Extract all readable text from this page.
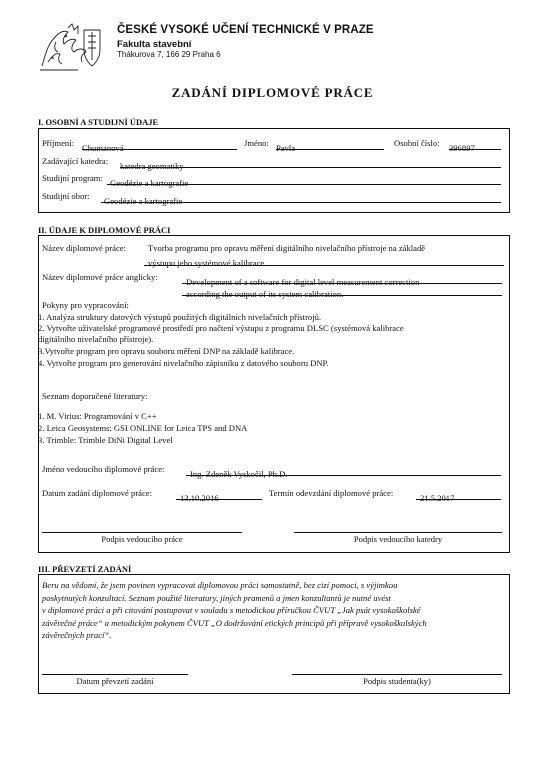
ČESKÉ VYSOKÉ UČENÍ TECHNICKÉ V PRAZE
Fakulta stavební
Thákurova 7, 166 29 Praha 6
ZADÁNÍ DIPLOMOVÉ PRÁCE
I. OSOBNÍ A STUDIJNÍ ÚDAJE
Příjmení: Chumanová	Jméno: Pavla	Osobní číslo: 396897
Zadávající katedra: katedra geomatiky
Studijní program: Geodézie a kartografie
Studijní obor:	Geodézie a kartografie
II. ÚDAJE K DIPLOMOVÉ PRÁCI
Název diplomové práce:	Tvorba programu pro opravu měření digitálního nivelačního přístroje na základě
výstupu jeho systémové kalibrace.
Název diplomové práce anglicky:	Development of a software for digital level measurement correction
according the output of its system calibration.
Pokyny pro vypracování:
1. Analýza struktury datových výstupů použitých digitálních nivelačních přístrojů.
2. Vytvořte uživatelské programové prostředí pro načtení výstupu z programu DLSC (systémová kalibrace
digitálního nivelačního přístroje).
3.Vytvořte program pro opravu souboru měření DNP na základě kalibrace.
4. Vytvořte program pro generování nivelačního zápisníku z datového souboru DNP.
Seznam doporučené literatury:
1. M. Virius: Programování v C++
2. Leica Geosystems: GSI ONLINE for Leica TPS and DNA
3. Trimble: Trimble DiNi Digital Level
Jméno vedoucího diplomové práce:	Ing. Zdeněk Vyskočil, Ph.D.
Datum zadání diplomové práce:	13.10.2016	Termín odevzdání diplomové práce:	21.5.2017
Podpis vedoucího práce	Podpis vedoucího katedry
III. PŘEVZETÍ ZADÁNÍ
Beru na vědomí, že jsem povinen vypracovat diplomovou práci samostatně, bez cizí pomoci, s výjimkou
poskytnutých konzultací. Seznam použité literatury, jiných pramenů a jmen konzultantů je nutné uvést
v diplomové práci a při citování postupovat v souladu s metodickou příručkou ČVUT „Jak psát vysokoškolské
závěrečné práce“ a metodickým pokynem ČVUT „O dodržování etických principů při přípravě vysokoškolských
závěrečných prací“.
Datum převzetí zadání	Podpis studenta(ky)
